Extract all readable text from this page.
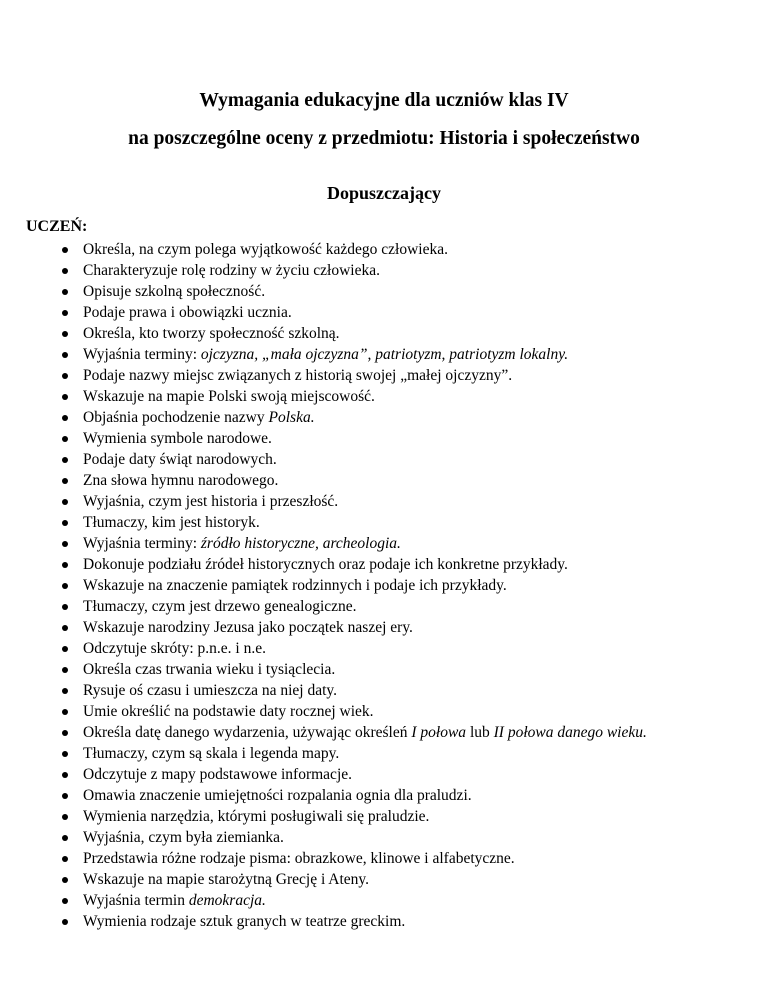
Wymagania edukacyjne dla uczniów klas IV
na poszczególne oceny z przedmiotu: Historia i społeczeństwo
Dopuszczający
UCZEŃ:
Określa, na czym polega wyjątkowość każdego człowieka.
Charakteryzuje rolę rodziny w życiu człowieka.
Opisuje szkolną społeczność.
Podaje prawa i obowiązki ucznia.
Określa, kto tworzy społeczność szkolną.
Wyjaśnia terminy: ojczyzna, „mała ojczyzna”, patriotyzm, patriotyzm lokalny.
Podaje nazwy miejsc związanych z historią swojej „małej ojczyzny”.
Wskazuje na mapie Polski swoją miejscowość.
Objaśnia pochodzenie nazwy Polska.
Wymienia symbole narodowe.
Podaje daty świąt narodowych.
Zna słowa hymnu narodowego.
Wyjaśnia, czym jest historia i przeszłość.
Tłumaczy, kim jest historyk.
Wyjaśnia terminy: źródło historyczne, archeologia.
Dokonuje podziału źródeł historycznych oraz podaje ich konkretne przykłady.
Wskazuje na znaczenie pamiątek rodzinnych i podaje ich przykłady.
Tłumaczy, czym jest drzewo genealogiczne.
Wskazuje narodziny Jezusa jako początek naszej ery.
Odczytuje skróty: p.n.e. i n.e.
Określa czas trwania wieku i tysiąclecia.
Rysuje oś czasu i umieszcza na niej daty.
Umie określić na podstawie daty rocznej wiek.
Określa datę danego wydarzenia, używając określeń I połowa lub II połowa danego wieku.
Tłumaczy, czym są skala i legenda mapy.
Odczytuje z mapy podstawowe informacje.
Omawia znaczenie umiejętności rozpalania ognia dla praludzi.
Wymienia narzędzia, którymi posługiwali się praludzie.
Wyjaśnia, czym była ziemianka.
Przedstawia różne rodzaje pisma: obrazkowe, klinowe i alfabetyczne.
Wskazuje na mapie starożytną Grecję i Ateny.
Wyjaśnia termin demokracja.
Wymienia rodzaje sztuk granych w teatrze greckim.
